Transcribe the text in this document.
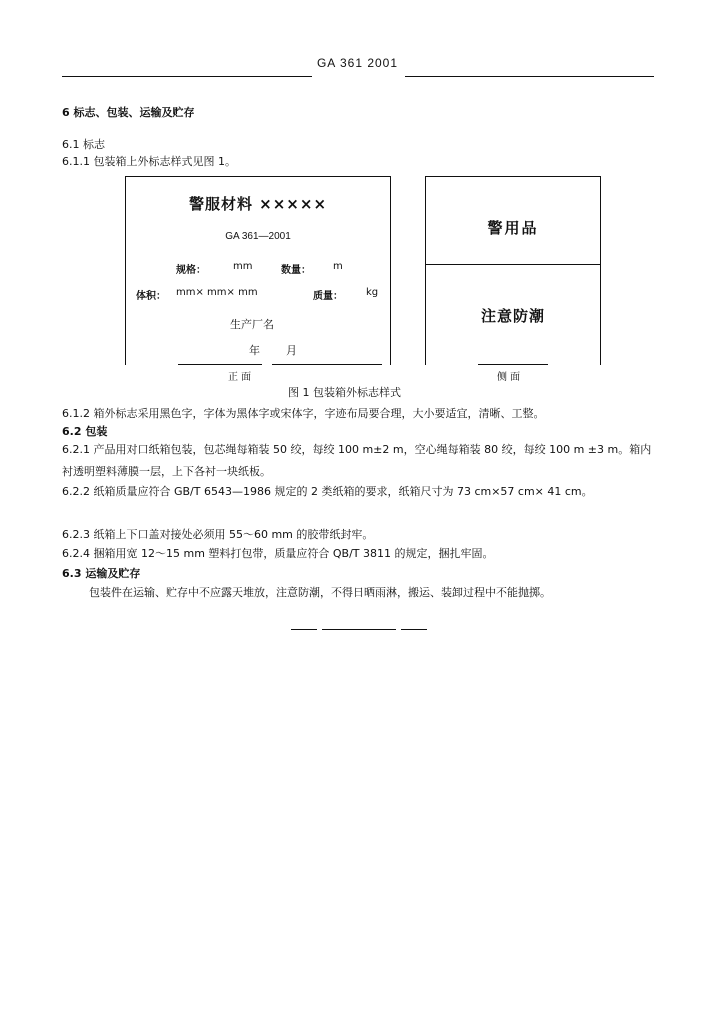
GA 361 2001
6 标志、包装、运输及贮存
6.1 标志
6.1.1 包装箱上外标志样式见图 1。
警服材料 ×××××
GA 361—2001
规格：	mm	数量： m
体积： mm× mm× mm	质量： kg
生产厂名
年 月
警用品
注意防潮
正 面	侧 面
图 1 包装箱外标志样式
6.1.2 箱外标志采用黑色字，字体为黑体字或宋体字，字迹布局要合理，大小要适宜，清晰、工整。
6.2 包装
6.2.1 产品用对口纸箱包装，包芯绳每箱装 50 绞，每绞 100 m±2 m，空心绳每箱装 80 绞，每绞 100 m ±3 m。箱内衬透明塑料薄膜一层，上下各衬一块纸板。
6.2.2 纸箱质量应符合 GB/T 6543—1986 规定的 2 类纸箱的要求，纸箱尺寸为 73 cm×57 cm× 41 cm。
6.2.3 纸箱上下口盖对接处必须用 55～60 mm 的胶带纸封牢。
6.2.4 捆箱用宽 12～15 mm 塑料打包带，质量应符合 QB/T 3811 的规定，捆扎牢固。
6.3 运输及贮存
包装件在运输、贮存中不应露天堆放，注意防潮，不得日晒雨淋，搬运、装卸过程中不能抛掷。
